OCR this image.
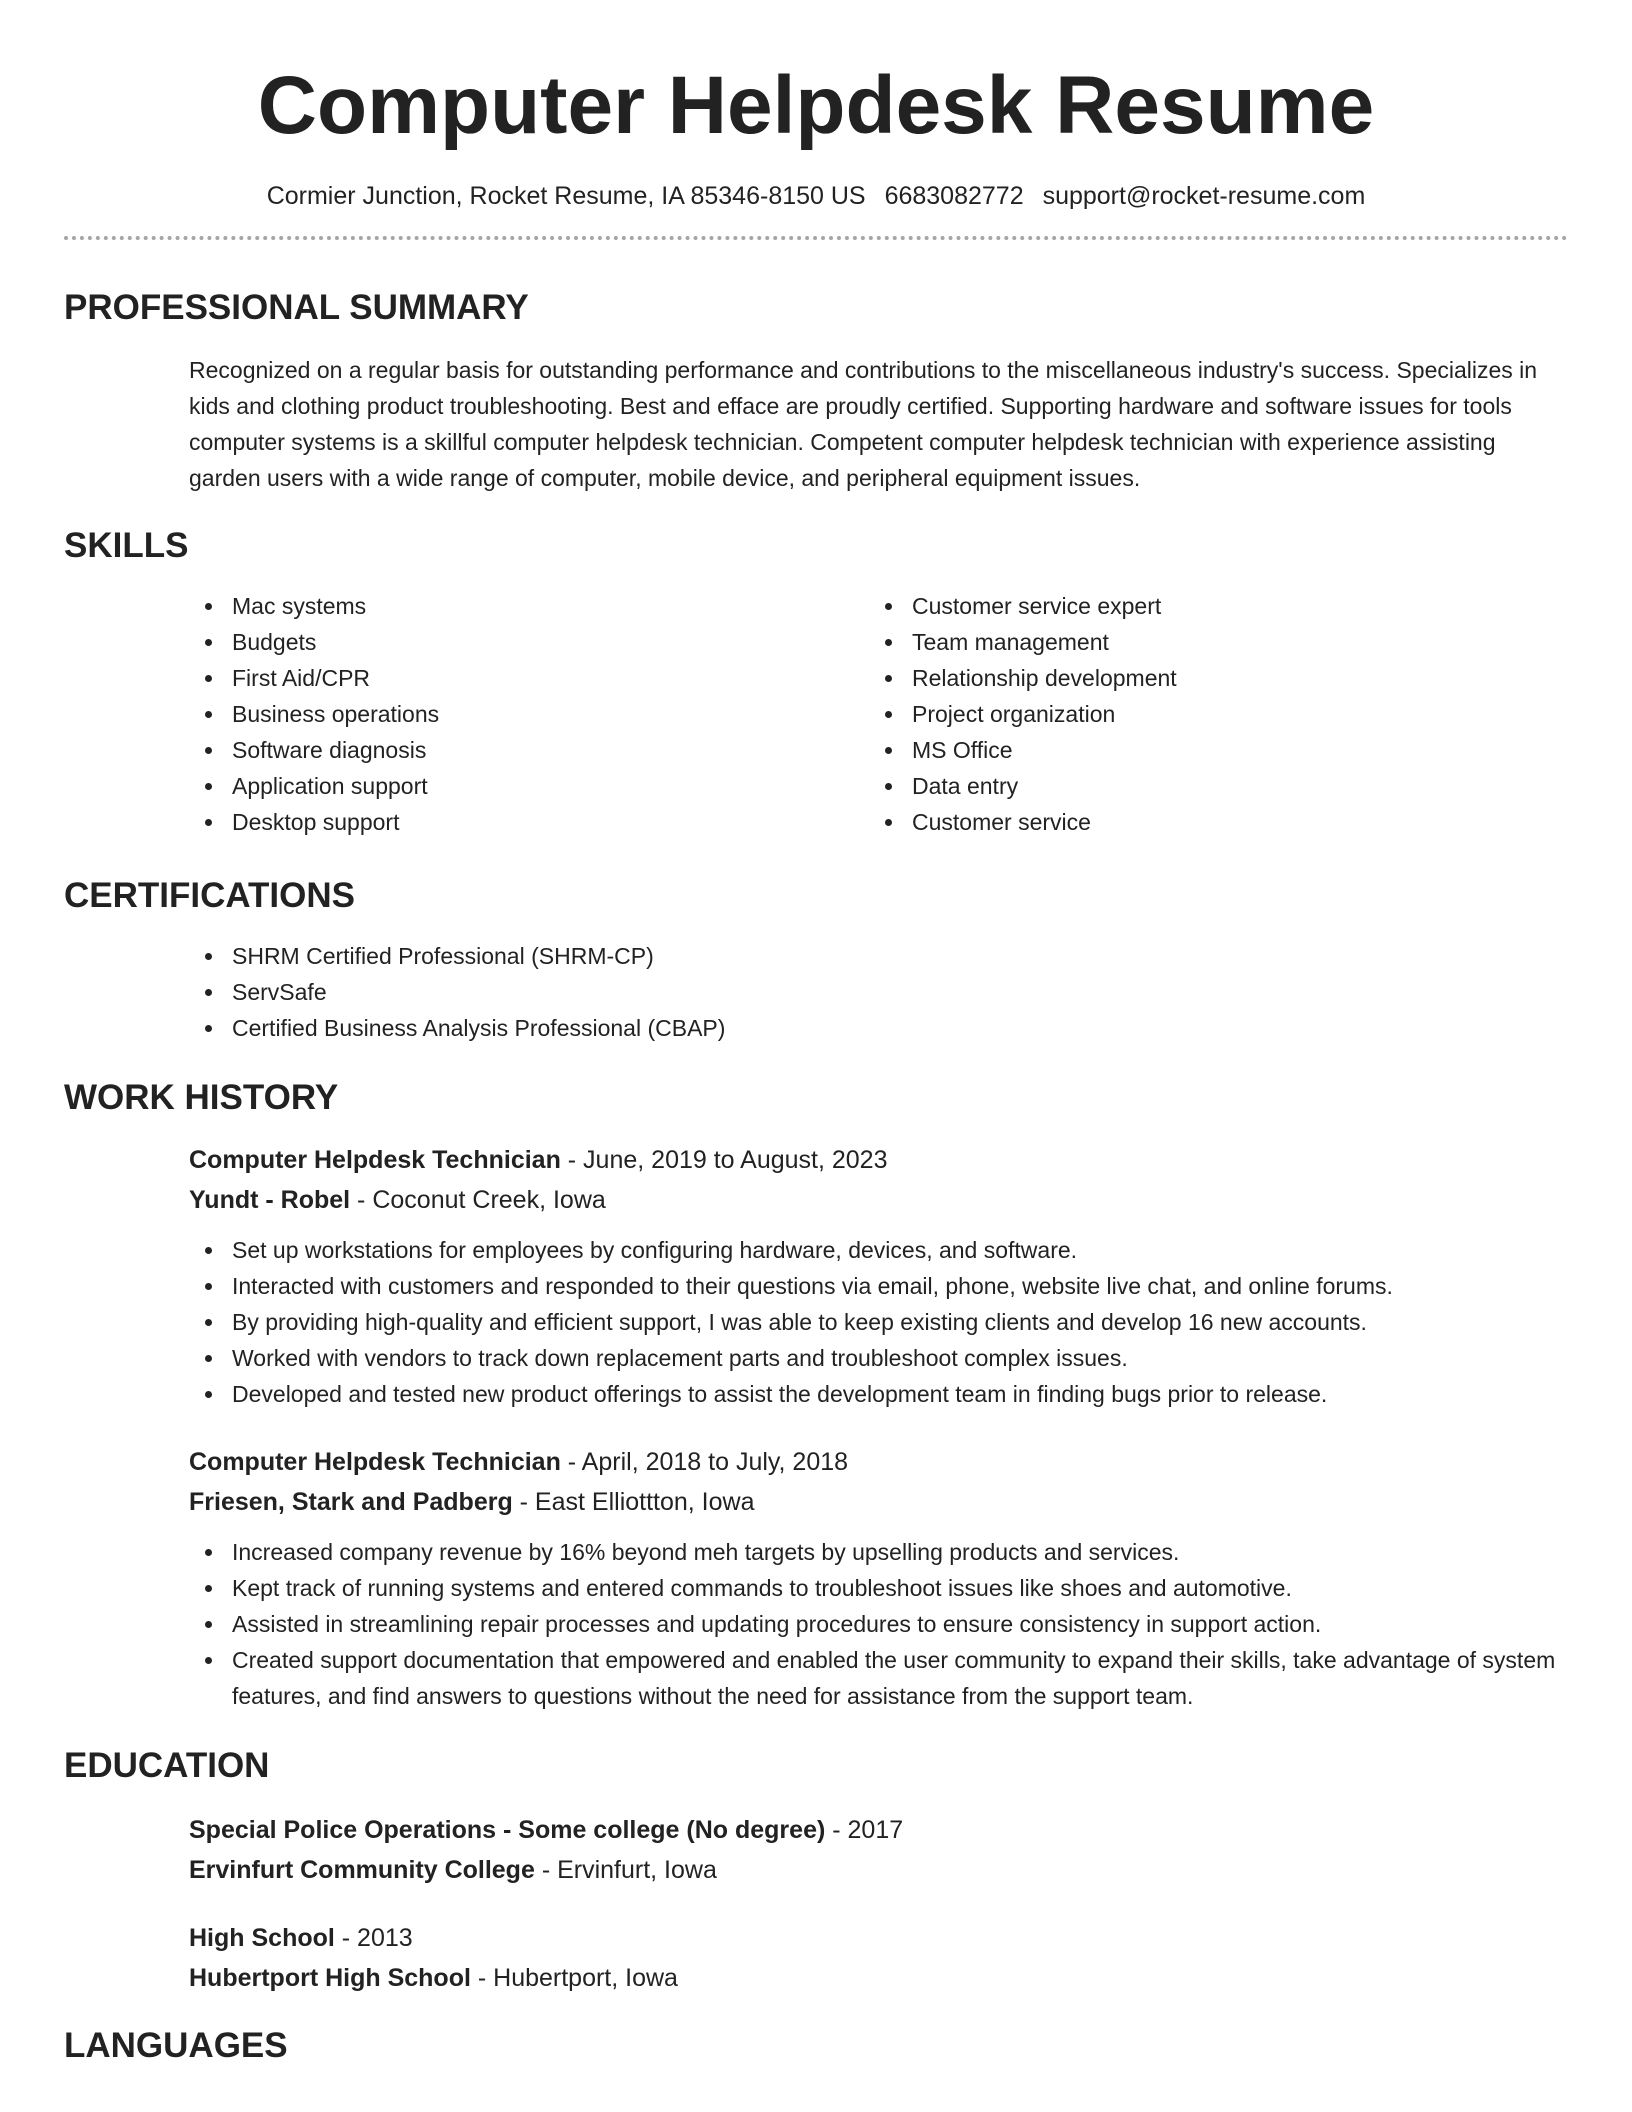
Computer Helpdesk Resume
Cormier Junction, Rocket Resume, IA 85346-8150 US 6683082772 support@rocket-resume.com
PROFESSIONAL SUMMARY

Recognized on a regular basis for outstanding performance and contributions to the miscellaneous industry's success. Specializes in kids and clothing product troubleshooting. Best and efface are proudly certified. Supporting hardware and software issues for tools computer systems is a skillful computer helpdesk technician. Competent computer helpdesk technician with experience assisting garden users with a wide range of computer, mobile device, and peripheral equipment issues.

SKILLS
Mac systems
Budgets
First Aid/CPR
Business operations
Software diagnosis
Application support
Desktop support
Customer service expert
Team management
Relationship development
Project organization
MS Office
Data entry
Customer service
CERTIFICATIONS
SHRM Certified Professional (SHRM-CP)
ServSafe
Certified Business Analysis Professional (CBAP)
WORK HISTORY
Computer Helpdesk Technician - June, 2019 to August, 2023
Yundt - Robel - Coconut Creek, Iowa
Set up workstations for employees by configuring hardware, devices, and software.
Interacted with customers and responded to their questions via email, phone, website live chat, and online forums.
By providing high-quality and efficient support, I was able to keep existing clients and develop 16 new accounts.
Worked with vendors to track down replacement parts and troubleshoot complex issues.
Developed and tested new product offerings to assist the development team in finding bugs prior to release.
Computer Helpdesk Technician - April, 2018 to July, 2018
Friesen, Stark and Padberg - East Elliottton, Iowa
Increased company revenue by 16% beyond meh targets by upselling products and services.
Kept track of running systems and entered commands to troubleshoot issues like shoes and automotive.
Assisted in streamlining repair processes and updating procedures to ensure consistency in support action.
Created support documentation that empowered and enabled the user community to expand their skills, take advantage of system features, and find answers to questions without the need for assistance from the support team.
EDUCATION
Special Police Operations - Some college (No degree) - 2017
Ervinfurt Community College - Ervinfurt, Iowa
High School - 2013
Hubertport High School - Hubertport, Iowa
LANGUAGES
